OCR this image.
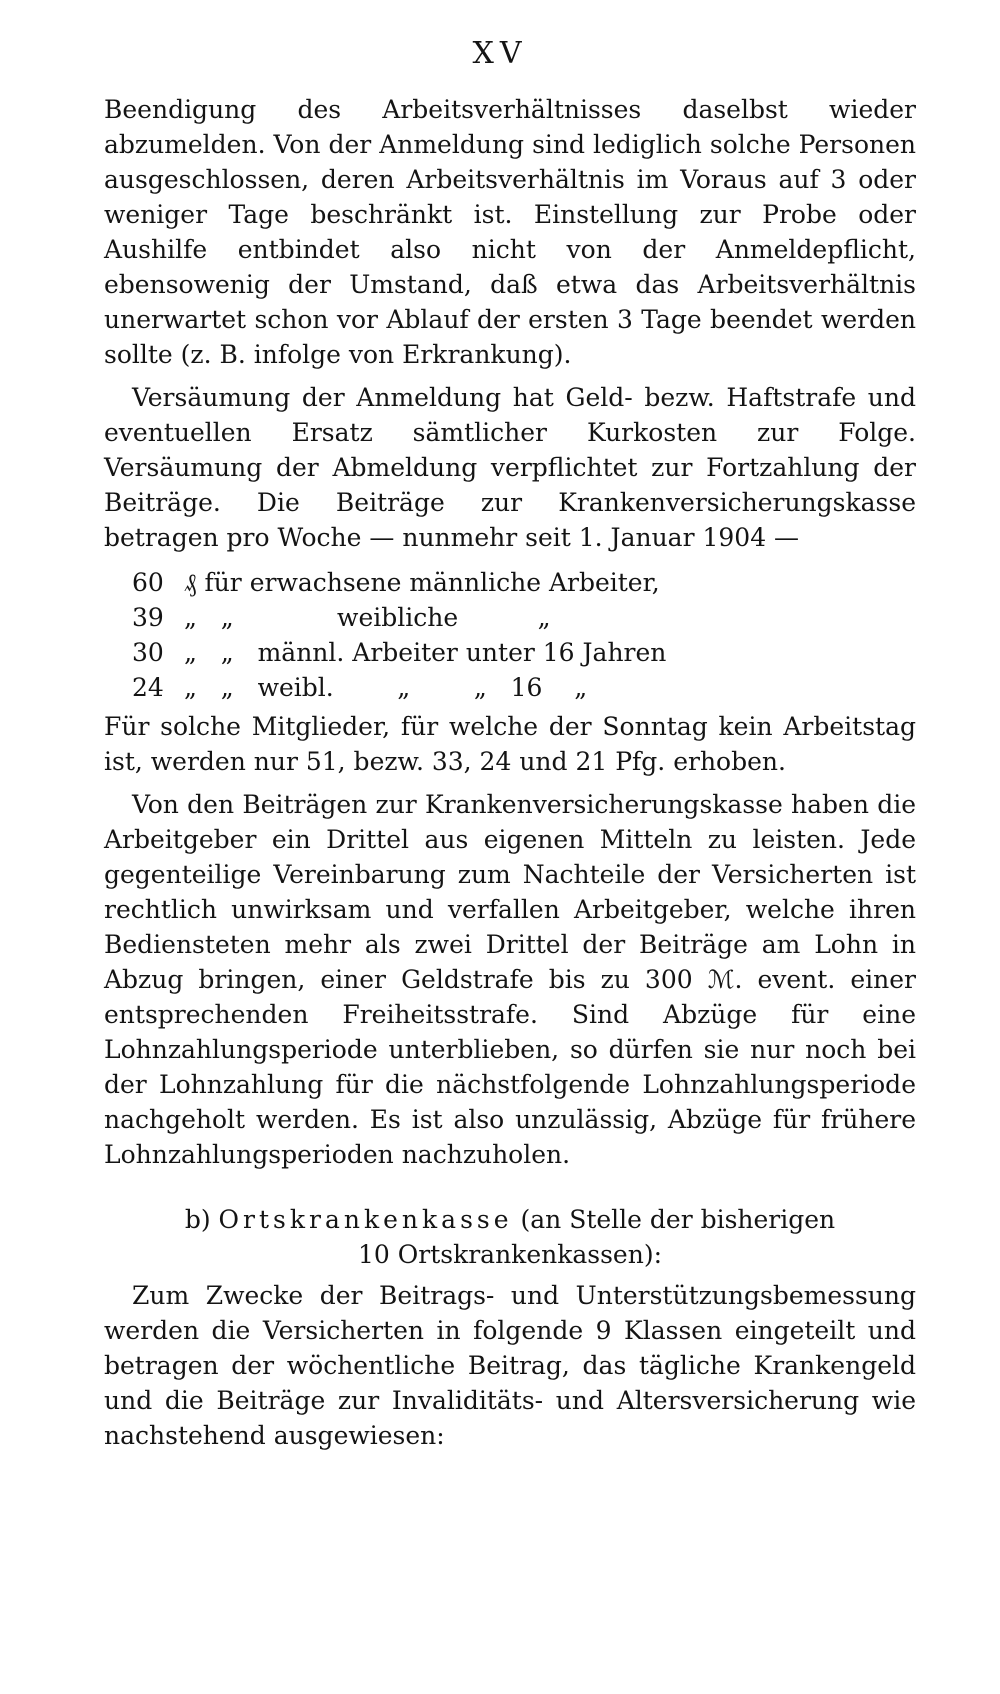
XV

Beendigung des Arbeitsverhältnisses daselbst wieder abzumelden. Von der Anmeldung sind lediglich solche Personen ausgeschlossen, deren Arbeitsverhältnis im Voraus auf 3 oder weniger Tage beschränkt ist. Einstellung zur Probe oder Aushilfe entbindet also nicht von der Anmeldepflicht, ebensowenig der Umstand, daß etwa das Arbeitsverhältnis unerwartet schon vor Ablauf der ersten 3 Tage beendet werden sollte (z. B. infolge von Erkrankung).

Versäumung der Anmeldung hat Geld- bezw. Haftstrafe und eventuellen Ersatz sämtlicher Kurkosten zur Folge. Versäumung der Abmeldung verpflichtet zur Fortzahlung der Beiträge. Die Beiträge zur Krankenversicherungskasse betragen pro Woche — nunmehr seit 1. Januar 1904 —

60 ₰ für erwachsene männliche Arbeiter,
39 „   „             weibliche          „
30 „   „   männl. Arbeiter unter 16 Jahren
24 „   „   weibl.        „        „   16    „

Für solche Mitglieder, für welche der Sonntag kein Arbeitstag ist, werden nur 51, bezw. 33, 24 und 21 Pfg. erhoben.

Von den Beiträgen zur Krankenversicherungskasse haben die Arbeitgeber ein Drittel aus eigenen Mitteln zu leisten. Jede gegenteilige Vereinbarung zum Nachteile der Versicherten ist rechtlich unwirksam und verfallen Arbeitgeber, welche ihren Bediensteten mehr als zwei Drittel der Beiträge am Lohn in Abzug bringen, einer Geldstrafe bis zu 300 ℳ. event. einer entsprechenden Freiheitsstrafe. Sind Abzüge für eine Lohnzahlungsperiode unterblieben, so dürfen sie nur noch bei der Lohnzahlung für die nächstfolgende Lohnzahlungsperiode nachgeholt werden. Es ist also unzulässig, Abzüge für frühere Lohnzahlungsperioden nachzuholen.

b) Ortskrankenkasse (an Stelle der bisherigen
10 Ortskrankenkassen):

Zum Zwecke der Beitrags- und Unterstützungsbemessung werden die Versicherten in folgende 9 Klassen eingeteilt und betragen der wöchentliche Beitrag, das tägliche Krankengeld und die Beiträge zur Invaliditäts- und Altersversicherung wie nachstehend ausgewiesen:
